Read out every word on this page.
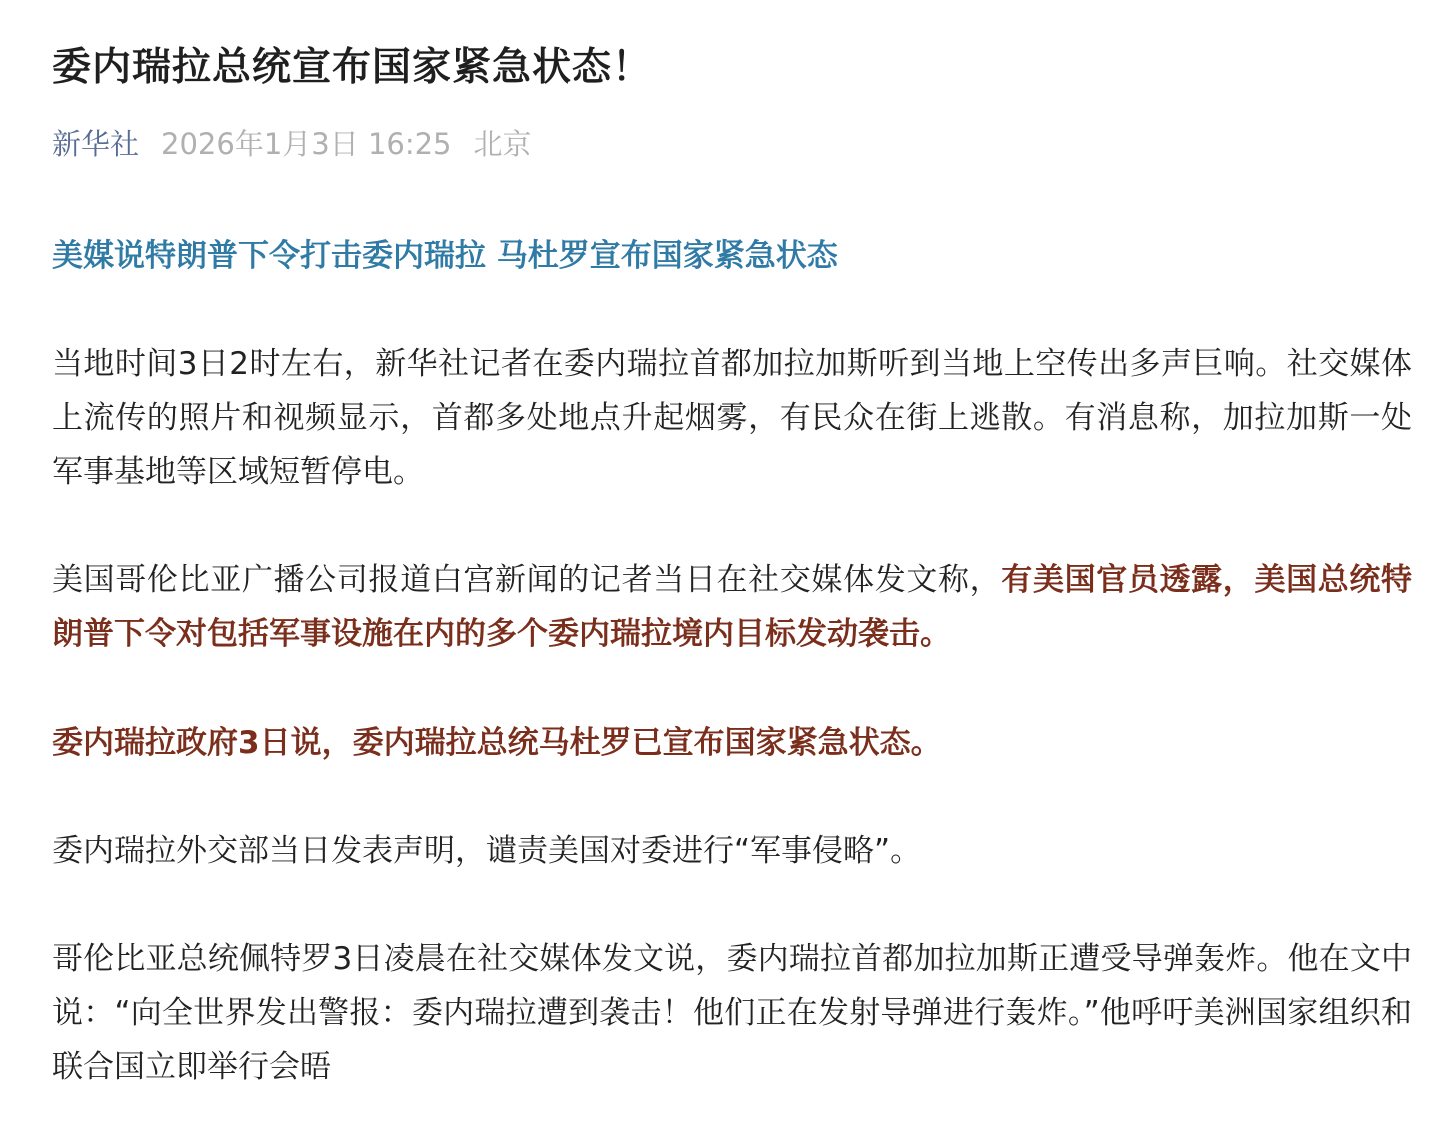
委内瑞拉总统宣布国家紧急状态！
新华社 2026年1月3日 16:25 北京
美媒说特朗普下令打击委内瑞拉 马杜罗宣布国家紧急状态

当地时间3日2时左右，新华社记者在委内瑞拉首都加拉加斯听到当地上空传出多声巨响。社交媒体上流传的照片和视频显示，首都多处地点升起烟雾，有民众在街上逃散。有消息称，加拉加斯一处军事基地等区域短暂停电。

美国哥伦比亚广播公司报道白宫新闻的记者当日在社交媒体发文称，有美国官员透露，美国总统特朗普下令对包括军事设施在内的多个委内瑞拉境内目标发动袭击。

委内瑞拉政府3日说，委内瑞拉总统马杜罗已宣布国家紧急状态。

委内瑞拉外交部当日发表声明，谴责美国对委进行“军事侵略”。

哥伦比亚总统佩特罗3日凌晨在社交媒体发文说，委内瑞拉首都加拉加斯正遭受导弹轰炸。他在文中说：“向全世界发出警报：委内瑞拉遭到袭击！他们正在发射导弹进行轰炸。”他呼吁美洲国家组织和联合国立即举行会晤
